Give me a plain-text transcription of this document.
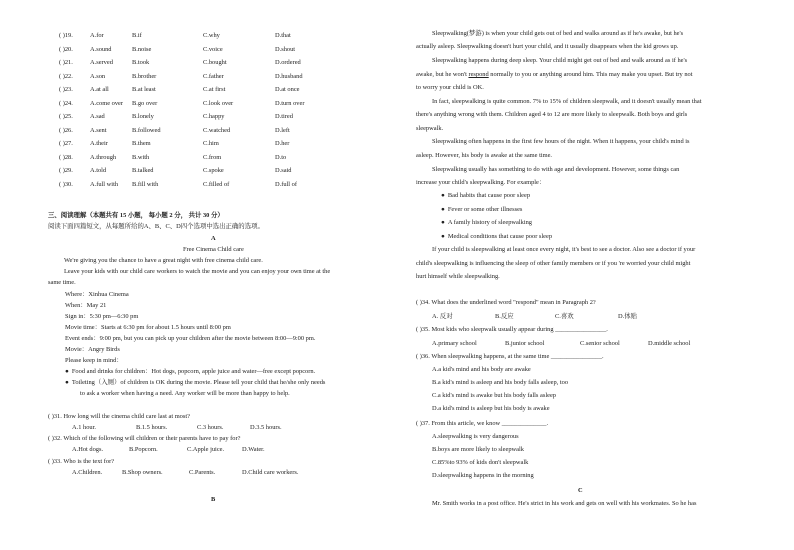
( )19.	A.for	B.if	C.why	D.that
( )20.	A.sound	B.noise	C.voice	D.shout
( )21.	A.served	B.took	C.bought	D.ordered
( )22.	A.son	B.brother	C.father	D.husband
( )23.	A.at all	B.at least	C.at first	D.at once
( )24.	A.come over B.go over	C.look over	D.turn over
( )25.	A.sad	B.lonely	C.happy	D.tired
( )26.	A.sent	B.followed	C.watched	D.left
( )27.	A.their	B.them	C.him	D.her
( )28.	A.through B.with	C.from	D.to
( )29.	A.told	B.talked	C.spoke	D.said
( )30.	A.full with B.fill with	C.filled of	D.full of
三、阅读理解（本题共有 15 小题， 每小题 2 分， 共计 30 分）
阅读下面四篇短文，从每题所给的A、B、C、D四个选项中选出正确的选项。
A
Free Cinema Child care
We're giving you the chance to have a great night with free cinema child care.
Leave your kids with our child care workers to watch the movie and you can enjoy your own time at the
same time.
Where：Xinhua Cinema
When：May 21
Sign in：5:30 pm—6:30 pm
Movie time：Starts at 6:30 pm for about 1.5 hours until 8:00 pm
Event ends：9:00 pm, but you can pick up your children after the movie between 8:00—9:00 pm.
Movie：Angry Birds
Please keep in mind：
● Food and drinks for children：Hot dogs, popcorn, apple juice and water—free except popcorn.
● Toileting（入厕）of children is OK during the movie. Please tell your child that he/she only needs
to ask a worker when having a need. Any worker will be more than happy to help.
( )31. How long will the cinema child care last at most?
A.1 hour.	B.1.5 hours.	C.3 hours.	D.3.5 hours.
( )32. Which of the following will children or their parents have to pay for?
A.Hot dogs.	B.Popcorn.	C.Apple juice.	D.Water.
( )33. Who is the text for?
A.Children.	B.Shop owners.	C.Parents.	D.Child care workers.
B
Sleepwalking(梦游) is when your child gets out of bed and walks around as if he's awake, but he's
actually asleep. Sleepwalking doesn't hurt your child, and it usually disappears when the kid grows up.
Sleepwalking happens during deep sleep. Your child might get out of bed and walk around as if he's
awake, but he won't respond normally to you or anything around him. This may make you upset. But try not
to worry your child is OK.
In fact, sleepwalking is quite common. 7% to 15% of children sleepwalk, and it doesn't usually mean that
there's anything wrong with them. Children aged 4 to 12 are more likely to sleepwalk. Both boys and girls
sleepwalk.
Sleepwalking often happens in the first few hours of the night. When it happens, your child's mind is
asleep. However, his body is awake at the same time.
Sleepwalking usually has something to do with age and development. However, some things can
increase your child's sleepwalking. For example：
● Bad habits that cause poor sleep
● Fever or some other illnesses
● A family history of sleepwalking
● Medical conditions that cause poor sleep
If your child is sleepwalking at least once every night, it's best to see a doctor. Also see a doctor if your
child's sleepwalking is influencing the sleep of other family members or if you 're worried your child might
hurt himself while sleepwalking.
( )34. What does the underlined word "respond" mean in Paragraph 2?
A. 反对	B.反应	C.喜欢	D.体贴
( )35. Most kids who sleepwalk usually appear during ________________.
A.primary school	B.junior school	C.senior school	D.middle school
( )36. When sleepwalking happens, at the same time ________________.
A.a kid's mind and his body are awake
B.a kid's mind is asleep and his body falls asleep, too
C.a kid's mind is awake but his body falls asleep
D.a kid's mind is asleep but his body is awake
( )37. From this article, we know ______________.
A.sleepwalking is very dangerous
B.boys are more likely to sleepwalk
C.85%to 93% of kids don't sleepwalk
D.sleepwalking happens in the morning
C
Mr. Smith works in a post office. He's strict in his work and gets on well with his workmates. So he has
